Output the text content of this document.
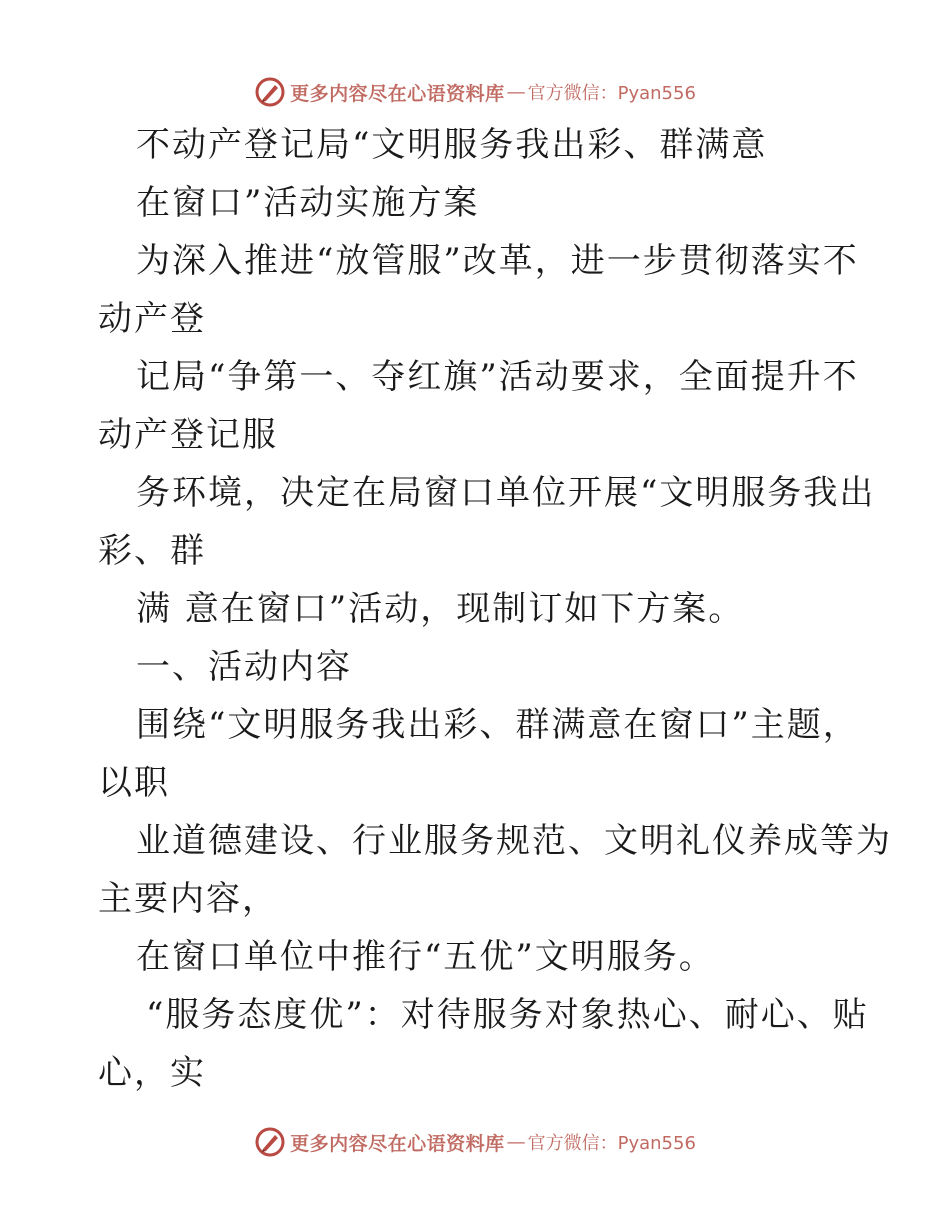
更多内容尽在心语资料库 — 官方微信：Pyan556
不动产登记局“文明服务我出彩、群满意
在窗口”活动实施方案
为深入推进“放管服”改革，进一步贯彻落实不
动产登
记局“争第一、夺红旗”活动要求，全面提升不
动产登记服
务环境，决定在局窗口单位开展“文明服务我出
彩、群
满 意在窗口”活动，现制订如下方案。
一、活动内容
围绕“文明服务我出彩、群满意在窗口”主题，
以职
业道德建设、行业服务规范、文明礼仪养成等为
主要内容，
在窗口单位中推行“五优”文明服务。
“服务态度优”：对待服务对象热心、耐心、贴
心，实
更多内容尽在心语资料库 — 官方微信：Pyan556
